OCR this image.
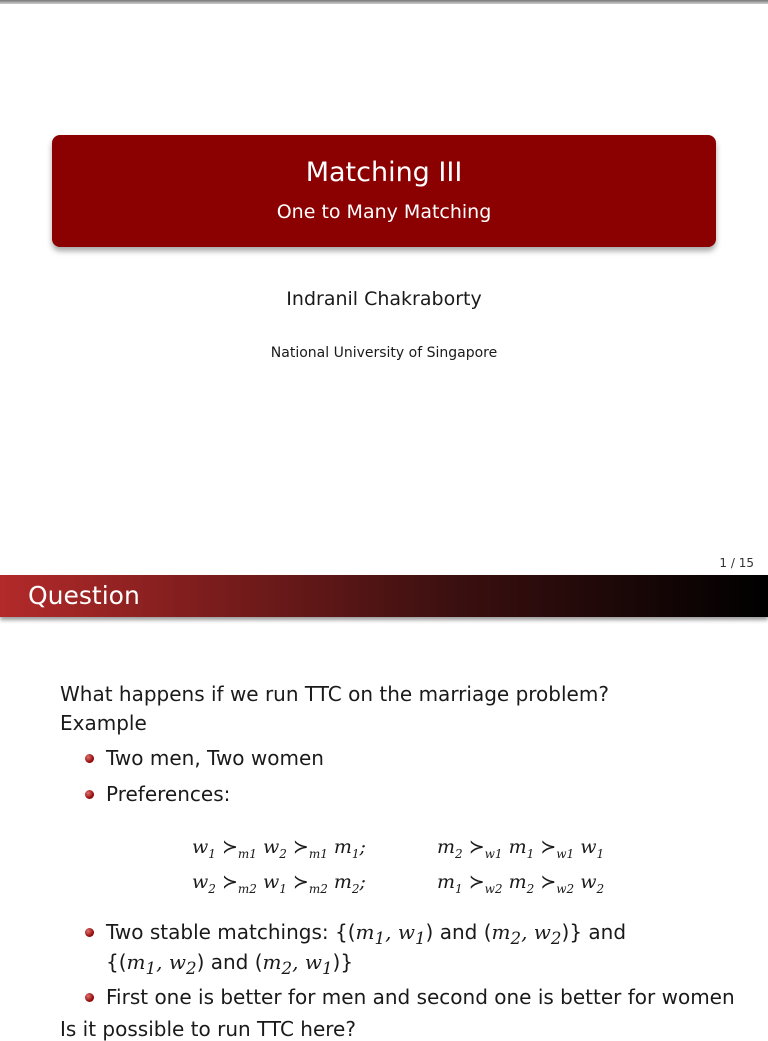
Matching III
One to Many Matching
Indranil Chakraborty
National University of Singapore
1 / 15
Question
What happens if we run TTC on the marriage problem?
Example
Two men, Two women
Preferences:
$w_1$ $≻_{m1}$ $w_2$ $≻_{m1}$ $m_1$;	$m_2$ $≻_{w1}$ $m_1$ $≻_{w1}$ $w_1$
$w_2$ $≻_{m2}$ $w_1$ $≻_{m2}$ $m_2$;	$m_1$ $≻_{w2}$ $m_2$ $≻_{w2}$ $w_2$
Two stable matchings: {($m_1$, $w_1$) and ($m_2$, $w_2$)} and
{($m_1$, $w_2$) and ($m_2$, $w_1$)}
First one is better for men and second one is better for women
Is it possible to run TTC here?
